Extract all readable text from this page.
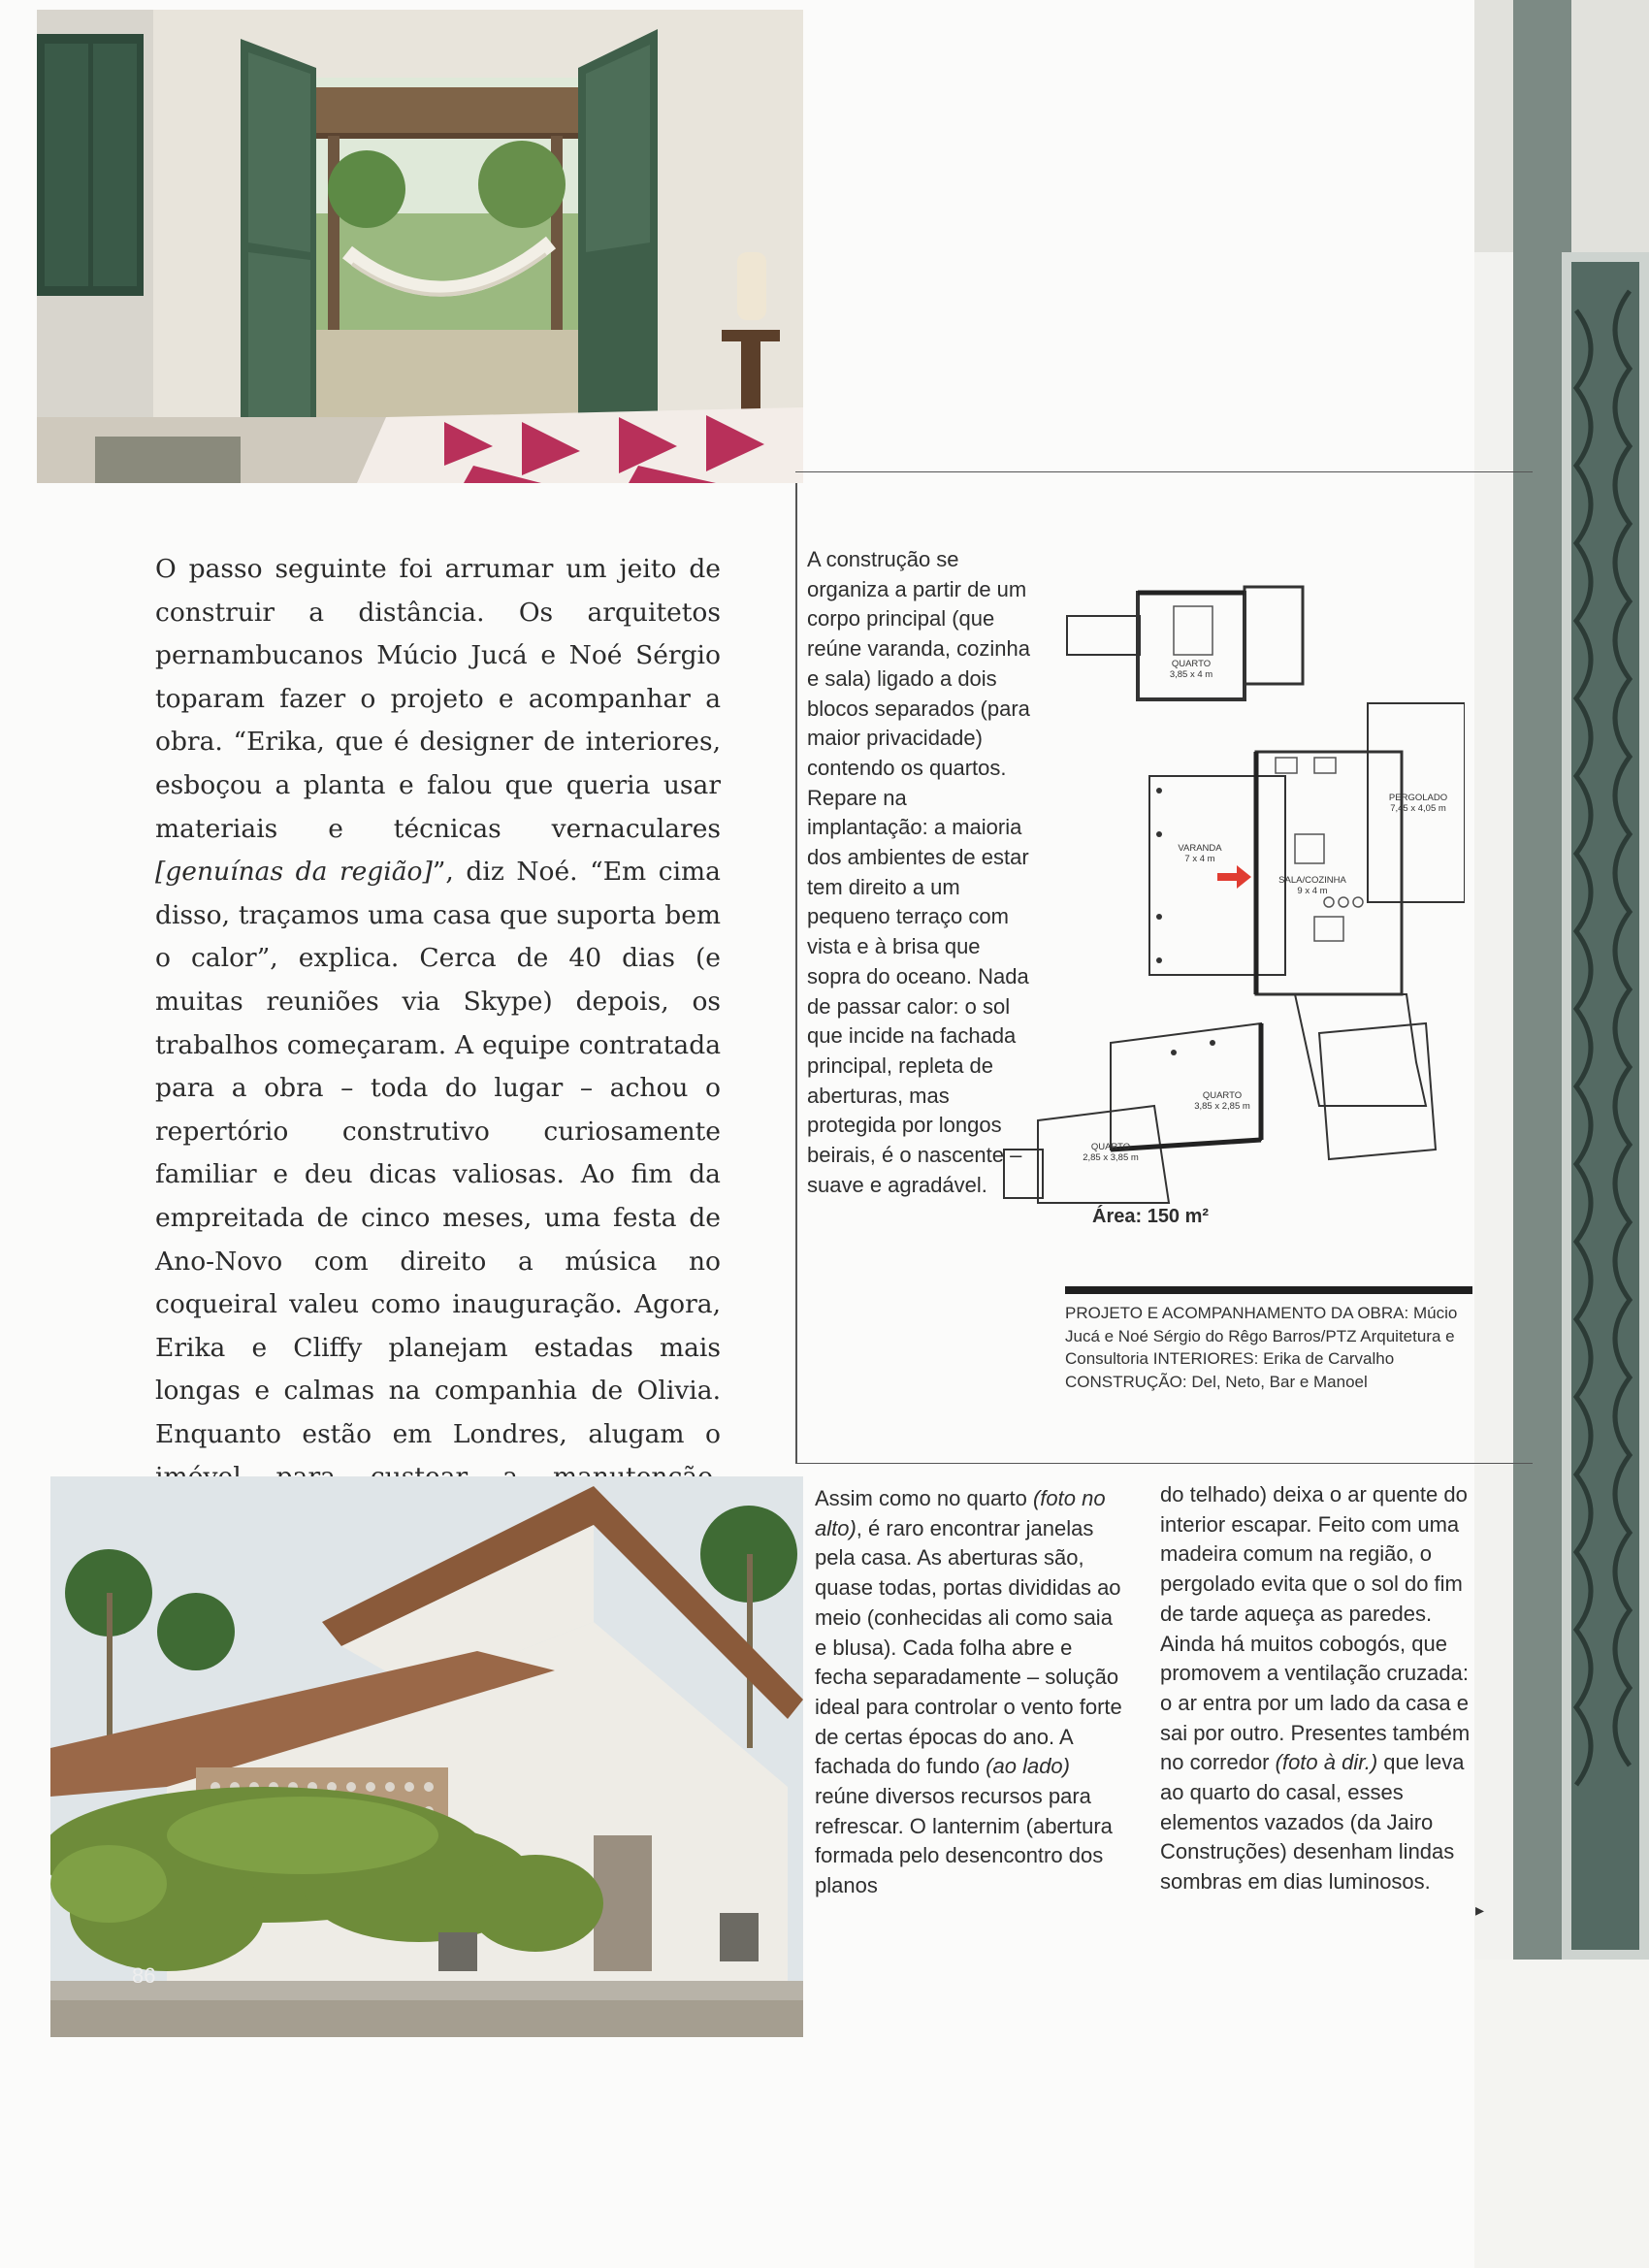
O passo seguinte foi arrumar um jeito de construir a distância. Os arquitetos pernambucanos Múcio Jucá e Noé Sérgio toparam fazer o projeto e acompanhar a obra. “Erika, que é designer de interiores, esboçou a planta e falou que queria usar materiais e técnicas vernaculares [genuínas da região]”, diz Noé. “Em cima disso, traçamos uma casa que suporta bem o calor”, explica. Cerca de 40 dias (e muitas reuniões via Skype) depois, os trabalhos começaram. A equipe contratada para a obra – toda do lugar – achou o repertório construtivo curiosamente familiar e deu dicas valiosas. Ao fim da empreitada de cinco meses, uma festa de Ano-Novo com direito a música no coqueiral valeu como inauguração. Agora, Erika e Cliffy planejam estadas mais longas e calmas na companhia de Olivia. Enquanto estão em Londres, alugam o

A construção se organiza a partir de um corpo principal (que reúne varanda, cozinha e sala) ligado a dois blocos separados (para maior privacidade) contendo os quartos. Repare na implantação: a maioria dos ambientes de estar tem direito a um pequeno terraço com vista e à brisa que sopra do oceano. Nada de passar calor: o sol que incide na fachada principal, repleta de aberturas, mas protegida por longos beirais, é o nascente – suave e agradável.

QUARTO
3,85 x 4 m
VARANDA
7 x 4 m
SALA/COZINHA
9 x 4 m
PERGOLADO
7,45 x 4,05 m
QUARTO
3,85 x 2,85 m
QUARTO
2,85 x 3,85 m
Área: 150 m²
PROJETO E ACOMPANHAMENTO DA OBRA: Múcio Jucá e Noé Sérgio do Rêgo Barros/PTZ Arquitetura e Consultoria INTERIORES: Erika de Carvalho CONSTRUÇÃO: Del, Neto, Bar e Manoel
86

Assim como no quarto (foto no alto), é raro encontrar janelas pela casa. As aberturas são, quase todas, portas divididas ao meio (conhecidas ali como saia e blusa). Cada folha abre e fecha separadamente – solução ideal para controlar o vento forte de certas épocas do ano. A fachada do fundo (ao lado) reúne diversos recursos para refrescar. O lanternim (abertura formada pelo desencontro dos planos

do telhado) deixa o ar quente do interior escapar. Feito com uma madeira comum na região, o pergolado evita que o sol do fim de tarde aqueça as paredes. Ainda há muitos cobogós, que promovem a ventilação cruzada: o ar entra por um lado da casa e sai por outro. Presentes também no corredor (foto à dir.) que leva ao quarto do casal, esses elementos vazados (da Jairo Construções) desenham lindas sombras em dias luminosos.

▸
